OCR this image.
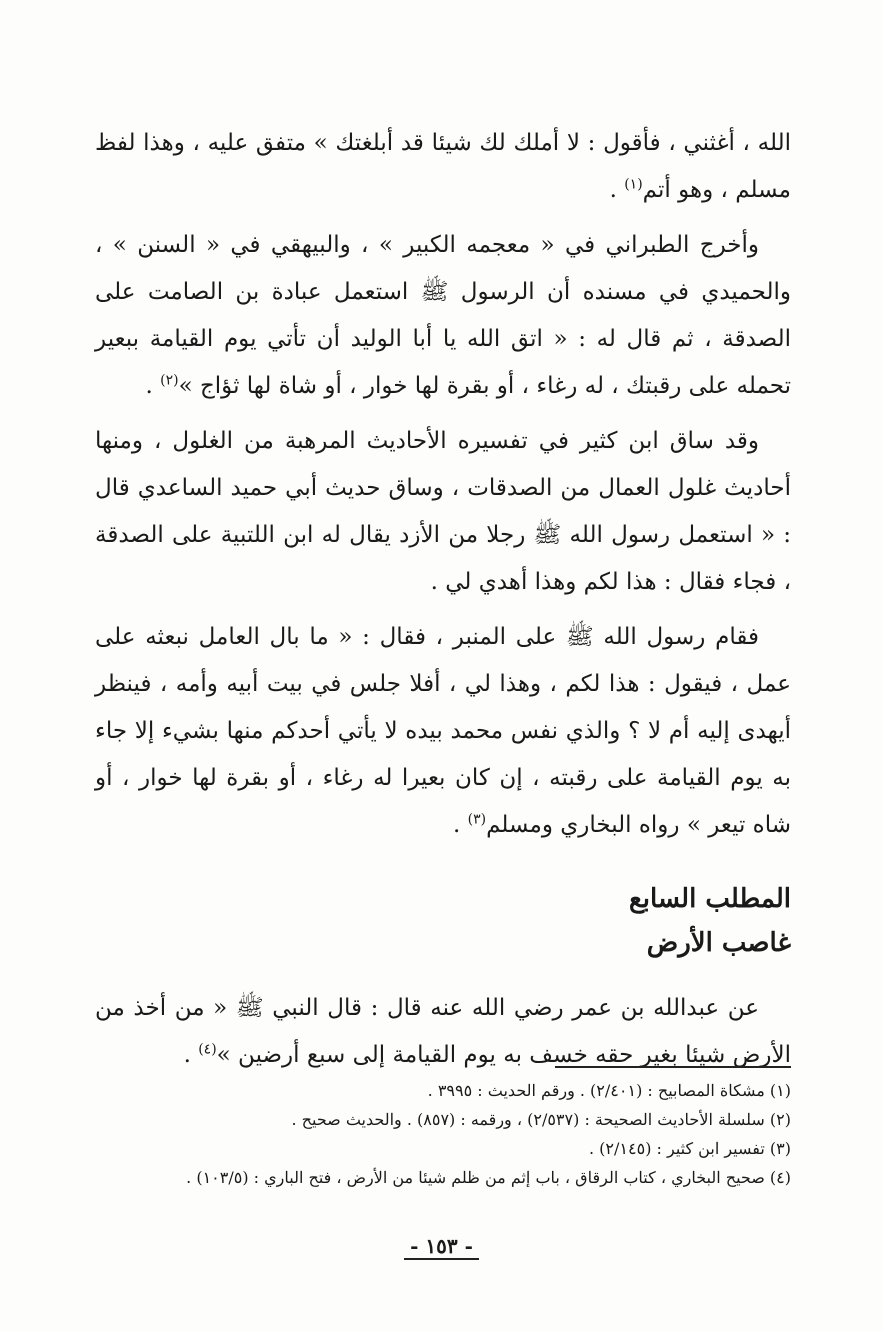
الله ، أغثني ، فأقول : لا أملك لك شيئا قد أبلغتك » متفق عليه ، وهذا لفظ مسلم ، وهو أتم$^{(١)}$ .

وأخرج الطبراني في « معجمه الكبير » ، والبيهقي في « السنن » ، والحميدي في مسنده أن الرسول ﷺ استعمل عبادة بن الصامت على الصدقة ، ثم قال له : « اتق الله يا أبا الوليد أن تأتي يوم القيامة ببعير تحمله على رقبتك ، له رغاء ، أو بقرة لها خوار ، أو شاة لها ثؤاج »$^{(٢)}$ .

وقد ساق ابن كثير في تفسيره الأحاديث المرهبة من الغلول ، ومنها أحاديث غلول العمال من الصدقات ، وساق حديث أبي حميد الساعدي قال : « استعمل رسول الله ﷺ رجلا من الأزد يقال له ابن اللتبية على الصدقة ، فجاء فقال : هذا لكم وهذا أهدي لي .

فقام رسول الله ﷺ على المنبر ، فقال : « ما بال العامل نبعثه على عمل ، فيقول : هذا لكم ، وهذا لي ، أفلا جلس في بيت أبيه وأمه ، فينظر أيهدى إليه أم لا ؟ والذي نفس محمد بيده لا يأتي أحدكم منها بشيء إلا جاء به يوم القيامة على رقبته ، إن كان بعيرا له رغاء ، أو بقرة لها خوار ، أو شاه تيعر » رواه البخاري ومسلم$^{(٣)}$ .

المطلب السابع
غاصب الأرض

عن عبدالله بن عمر رضي الله عنه قال : قال النبي ﷺ « من أخذ من الأرض شيئا بغير حقه خسف به يوم القيامة إلى سبع أرضين »$^{(٤)}$ .

(١) مشكاة المصابيح : (٢/٤٠١) . ورقم الحديث : ٣٩٩٥ .

(٢) سلسلة الأحاديث الصحيحة : (٢/٥٣٧) ، ورقمه : (٨٥٧) . والحديث صحيح .

(٣) تفسير ابن كثير : (٢/١٤٥) .

(٤) صحيح البخاري ، كتاب الرقاق ، باب إثم من ظلم شيئا من الأرض ، فتح الباري : (١٠٣/٥) .

- ١٥٣ -
